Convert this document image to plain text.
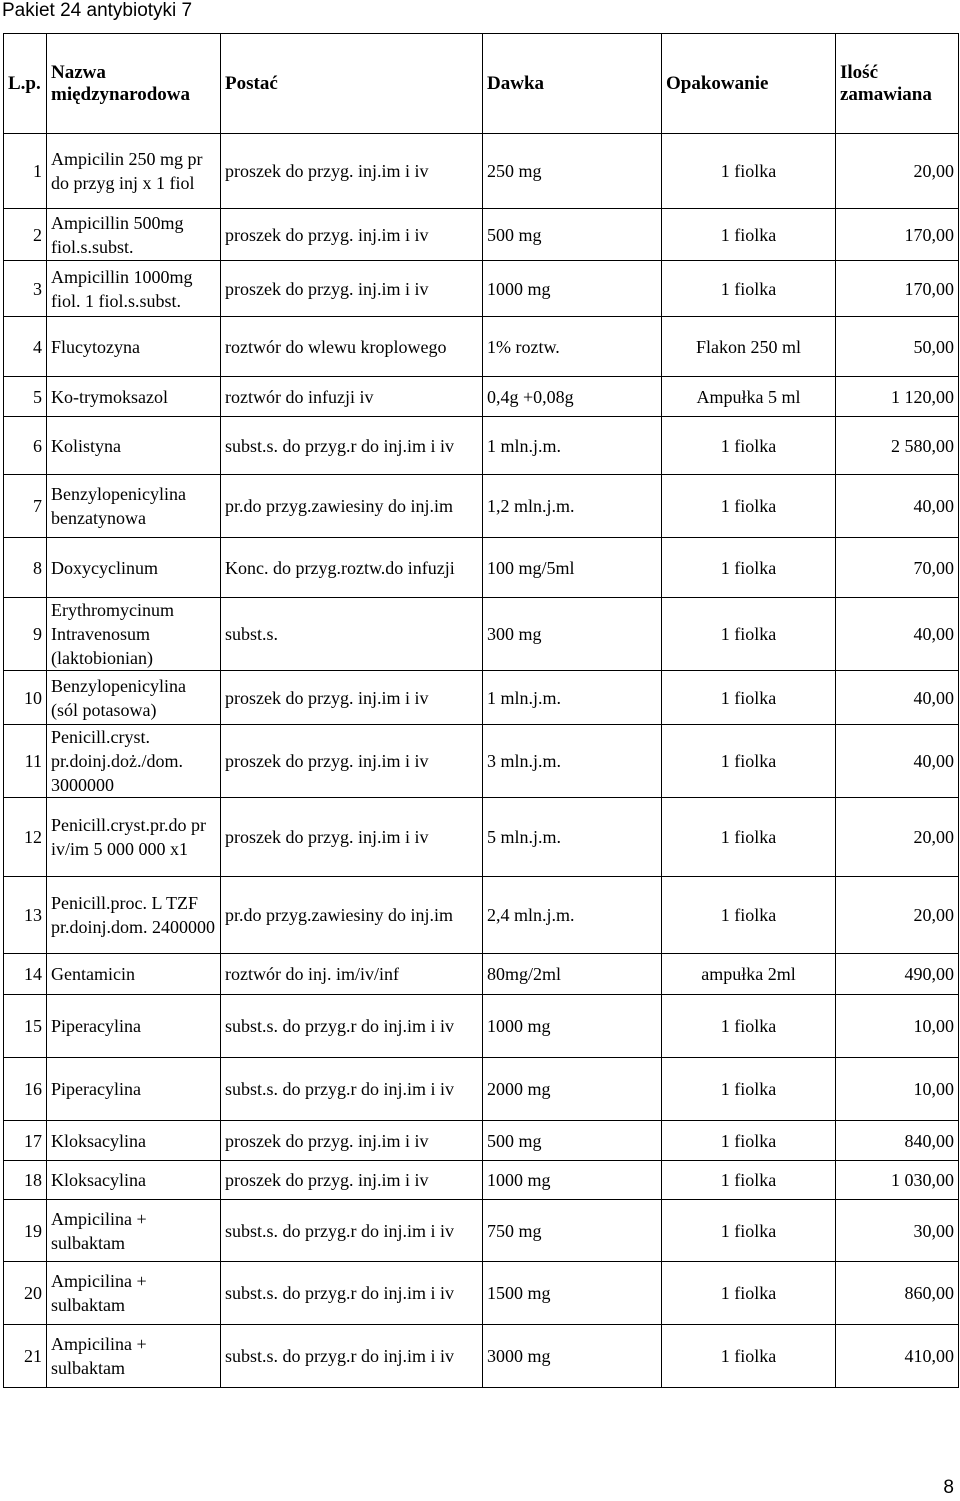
Pakiet 24 antybiotyki 7
L.p.	Nazwa międzynarodowa	Postać	Dawka	Opakowanie	Ilość zamawiana
1	Ampicilin 250 mg pr do przyg inj x 1 fiol	proszek do przyg. inj.im i iv	250 mg	1 fiolka	20,00
2	Ampicillin 500mg fiol.s.subst.	proszek do przyg. inj.im i iv	500 mg	1 fiolka	170,00
3	Ampicillin 1000mg fiol. 1 fiol.s.subst.	proszek do przyg. inj.im i iv	1000 mg	1 fiolka	170,00
4	Flucytozyna	roztwór do wlewu kroplowego	1% roztw.	Flakon 250 ml	50,00
5	Ko-trymoksazol	roztwór do infuzji iv	0,4g +0,08g	Ampułka 5 ml	1 120,00
6	Kolistyna	subst.s. do przyg.r do inj.im i iv	1 mln.j.m.	1 fiolka	2 580,00
7	Benzylopenicylina benzatynowa	pr.do przyg.zawiesiny do inj.im	1,2 mln.j.m.	1 fiolka	40,00
8	Doxycyclinum	Konc. do przyg.roztw.do infuzji	100 mg/5ml	1 fiolka	70,00
9	Erythromycinum Intravenosum (laktobionian)	subst.s.	300 mg	1 fiolka	40,00
10	Benzylopenicylina (sól potasowa)	proszek do przyg. inj.im i iv	1 mln.j.m.	1 fiolka	40,00
11	Penicill.cryst. pr.doinj.doż./dom. 3000000	proszek do przyg. inj.im i iv	3 mln.j.m.	1 fiolka	40,00
12	Penicill.cryst.pr.do pr iv/im 5 000 000 x1	proszek do przyg. inj.im i iv	5 mln.j.m.	1 fiolka	20,00
13	Penicill.proc. L TZF pr.doinj.dom. 2400000	pr.do przyg.zawiesiny do inj.im	2,4 mln.j.m.	1 fiolka	20,00
14	Gentamicin	roztwór do inj. im/iv/inf	80mg/2ml	ampułka 2ml	490,00
15	Piperacylina	subst.s. do przyg.r do inj.im i iv	1000 mg	1 fiolka	10,00
16	Piperacylina	subst.s. do przyg.r do inj.im i iv	2000 mg	1 fiolka	10,00
17	Kloksacylina	proszek do przyg. inj.im i iv	500 mg	1 fiolka	840,00
18	Kloksacylina	proszek do przyg. inj.im i iv	1000 mg	1 fiolka	1 030,00
19	Ampicilina + sulbaktam	subst.s. do przyg.r do inj.im i iv	750 mg	1 fiolka	30,00
20	Ampicilina + sulbaktam	subst.s. do przyg.r do inj.im i iv	1500 mg	1 fiolka	860,00
21	Ampicilina + sulbaktam	subst.s. do przyg.r do inj.im i iv	3000 mg	1 fiolka	410,00
8
